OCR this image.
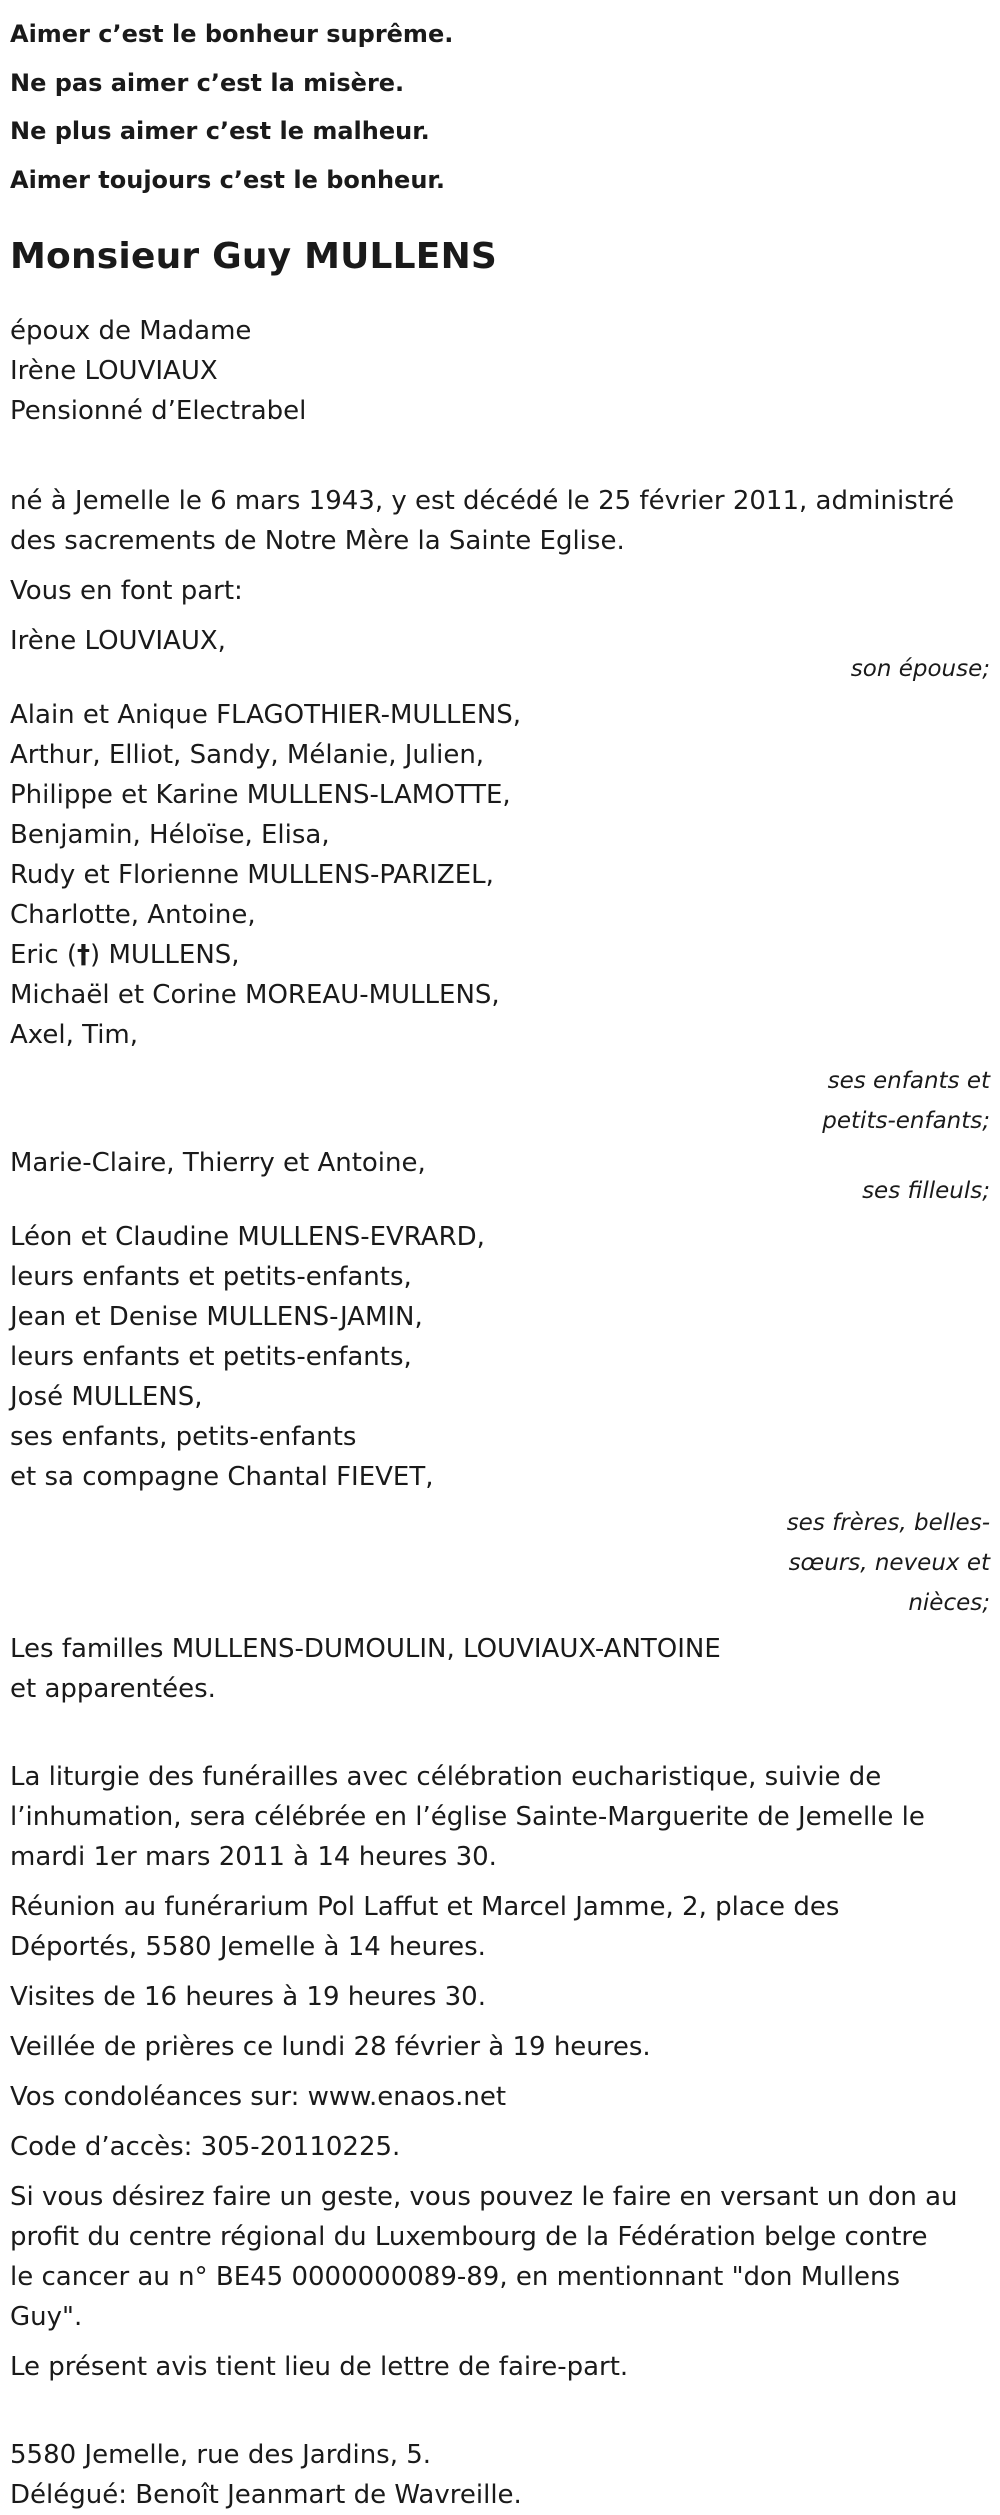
Aimer c’est le bonheur suprême.

Ne pas aimer c’est la misère.

Ne plus aimer c’est le malheur.

Aimer toujours c’est le bonheur.

Monsieur Guy MULLENS
époux de Madame
Irène LOUVIAUX
Pensionné d’Electrabel
né à Jemelle le 6 mars 1943, y est décédé le 25 février 2011, administré
des sacrements de Notre Mère la Sainte Eglise.
Vous en font part:
Irène LOUVIAUX,
son épouse;
Alain et Anique FLAGOTHIER-MULLENS,
Arthur, Elliot, Sandy, Mélanie, Julien,
Philippe et Karine MULLENS-LAMOTTE,
Benjamin, Héloïse, Elisa,
Rudy et Florienne MULLENS-PARIZEL,
Charlotte, Antoine,
Eric (†) MULLENS,
Michaël et Corine MOREAU-MULLENS,
Axel, Tim,
ses enfants et
petits-enfants;
Marie-Claire, Thierry et Antoine,
ses filleuls;
Léon et Claudine MULLENS-EVRARD,
leurs enfants et petits-enfants,
Jean et Denise MULLENS-JAMIN,
leurs enfants et petits-enfants,
José MULLENS,
ses enfants, petits-enfants
et sa compagne Chantal FIEVET,
ses frères, belles-
sœurs, neveux et
nièces;
Les familles MULLENS-DUMOULIN, LOUVIAUX-ANTOINE
et apparentées.
La liturgie des funérailles avec célébration eucharistique, suivie de
l’inhumation, sera célébrée en l’église Sainte-Marguerite de Jemelle le
mardi 1er mars 2011 à 14 heures 30.
Réunion au funérarium Pol Laffut et Marcel Jamme, 2, place des
Déportés, 5580 Jemelle à 14 heures.
Visites de 16 heures à 19 heures 30.
Veillée de prières ce lundi 28 février à 19 heures.
Vos condoléances sur: www.enaos.net
Code d’accès: 305-20110225.
Si vous désirez faire un geste, vous pouvez le faire en versant un don au
profit du centre régional du Luxembourg de la Fédération belge contre
le cancer au n° BE45 0000000089-89, en mentionnant "don Mullens
Guy".
Le présent avis tient lieu de lettre de faire-part.
5580 Jemelle, rue des Jardins, 5.
Délégué: Benoît Jeanmart de Wavreille.
